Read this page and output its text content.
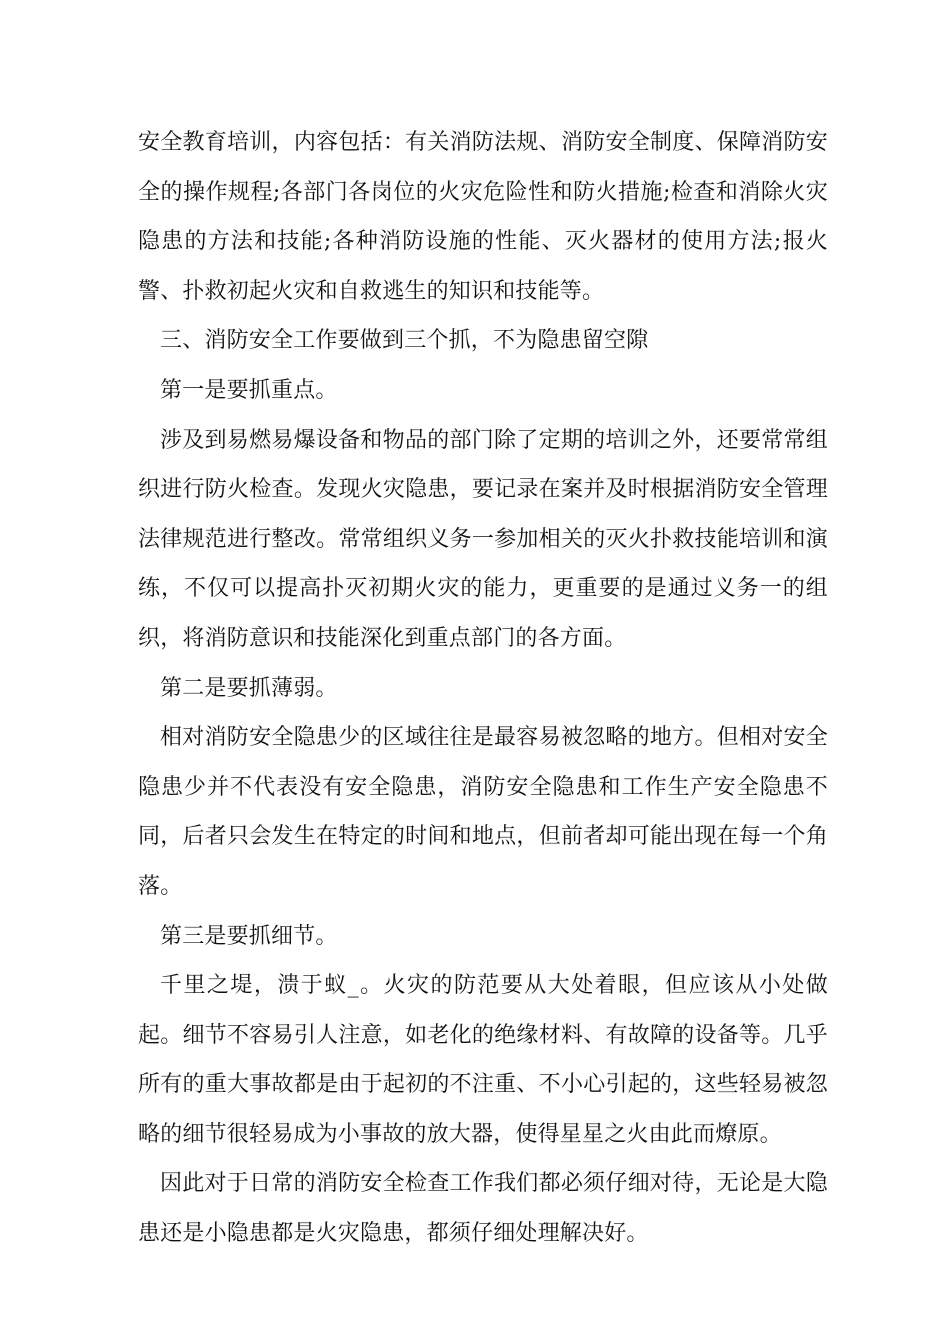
安全教育培训，内容包括：有关消防法规、消防安全制度、保障消防安全的操作规程;各部门各岗位的火灾危险性和防火措施;检查和消除火灾隐患的方法和技能;各种消防设施的性能、灭火器材的使用方法;报火警、扑救初起火灾和自救逃生的知识和技能等。

三、消防安全工作要做到三个抓，不为隐患留空隙

第一是要抓重点。

涉及到易燃易爆设备和物品的部门除了定期的培训之外，还要常常组织进行防火检查。发现火灾隐患，要记录在案并及时根据消防安全管理法律规范进行整改。常常组织义务一参加相关的灭火扑救技能培训和演练，不仅可以提高扑灭初期火灾的能力，更重要的是通过义务一的组织，将消防意识和技能深化到重点部门的各方面。

第二是要抓薄弱。

相对消防安全隐患少的区域往往是最容易被忽略的地方。但相对安全隐患少并不代表没有安全隐患，消防安全隐患和工作生产安全隐患不同，后者只会发生在特定的时间和地点，但前者却可能出现在每一个角落。

第三是要抓细节。

千里之堤，溃于蚁_。火灾的防范要从大处着眼，但应该从小处做起。细节不容易引人注意，如老化的绝缘材料、有故障的设备等。几乎所有的重大事故都是由于起初的不注重、不小心引起的，这些轻易被忽略的细节很轻易成为小事故的放大器，使得星星之火由此而燎原。

因此对于日常的消防安全检查工作我们都必须仔细对待，无论是大隐患还是小隐患都是火灾隐患，都须仔细处理解决好。
